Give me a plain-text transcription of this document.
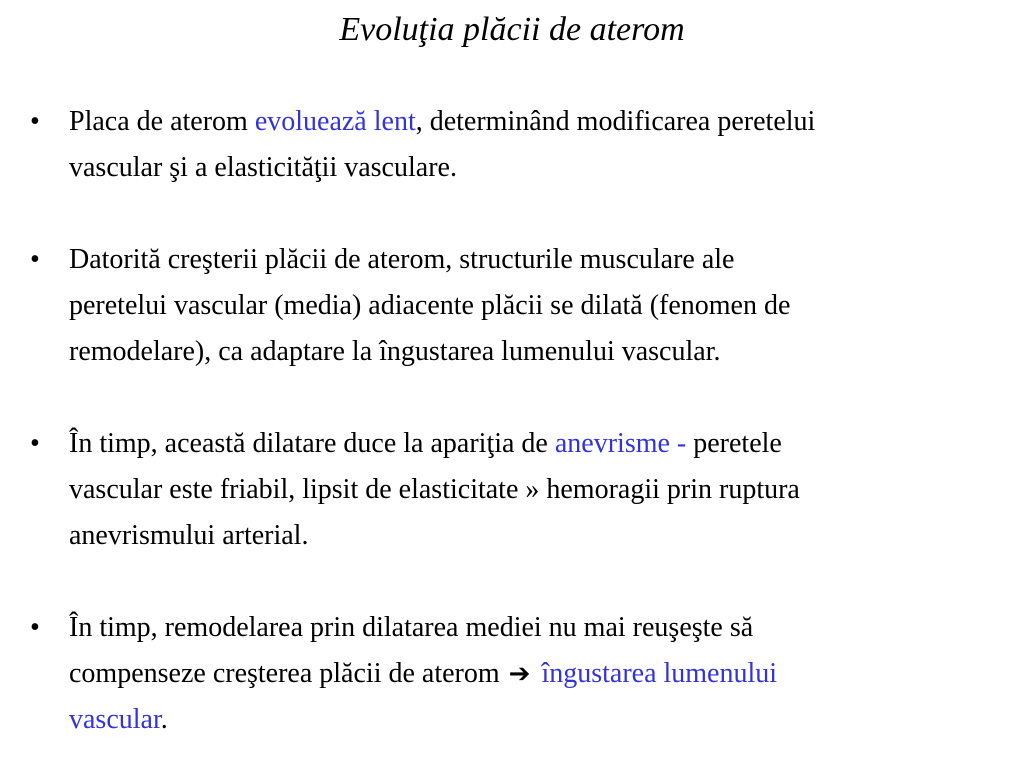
Evoluţia plăcii de aterom
• Placa de aterom evoluează lent, determinând modificarea peretelui
vascular şi a elasticităţii vasculare.
• Datorită creşterii plăcii de aterom, structurile musculare ale
peretelui vascular (media) adiacente plăcii se dilată (fenomen de
remodelare), ca adaptare la îngustarea lumenului vascular.
• În timp, această dilatare duce la apariţia de anevrisme - peretele
vascular este friabil, lipsit de elasticitate » hemoragii prin ruptura
anevrismului arterial.
• În timp, remodelarea prin dilatarea mediei nu mai reuşeşte să
compenseze creşterea plăcii de aterom ➔ îngustarea lumenului
vascular.
